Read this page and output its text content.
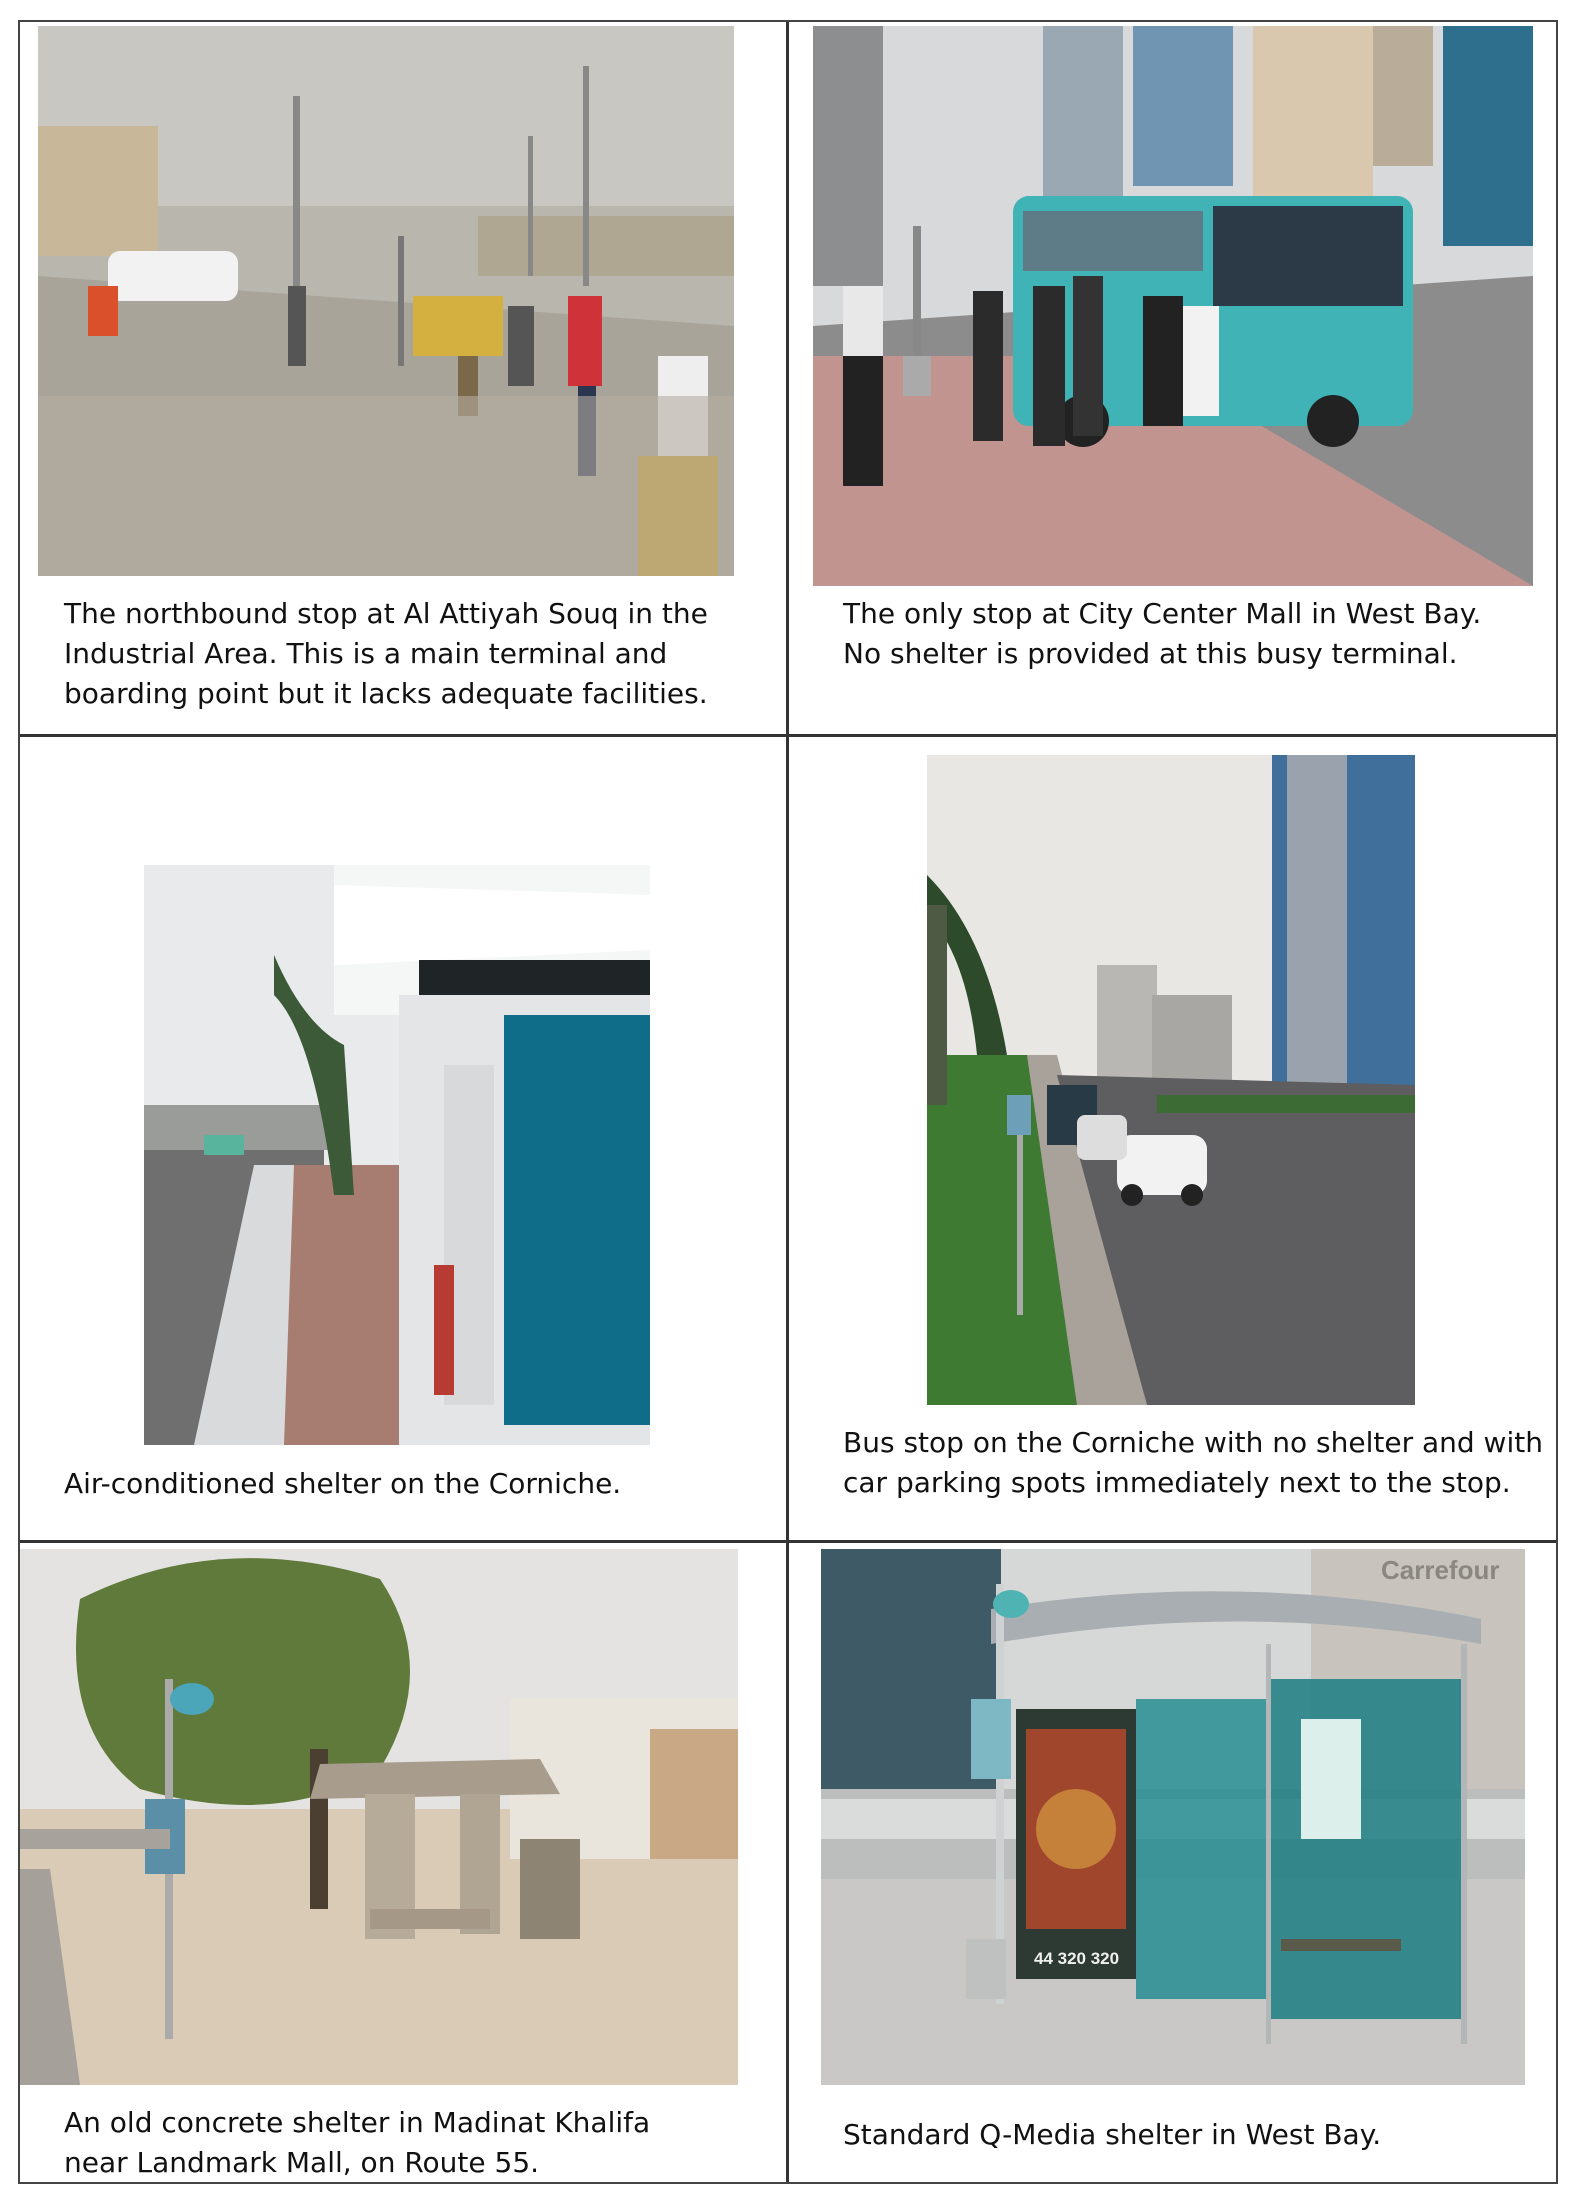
The northbound stop at Al Attiyah Souq in the
Industrial Area. This is a main terminal and
boarding point but it lacks adequate facilities.
The only stop at City Center Mall in West Bay.
No shelter is provided at this busy terminal.
Air-conditioned shelter on the Corniche.
Bus stop on the Corniche with no shelter and with
car parking spots immediately next to the stop.
An old concrete shelter in Madinat Khalifa
near Landmark Mall, on Route 55.
Carrefour
44 320 320
Standard Q-Media shelter in West Bay.
